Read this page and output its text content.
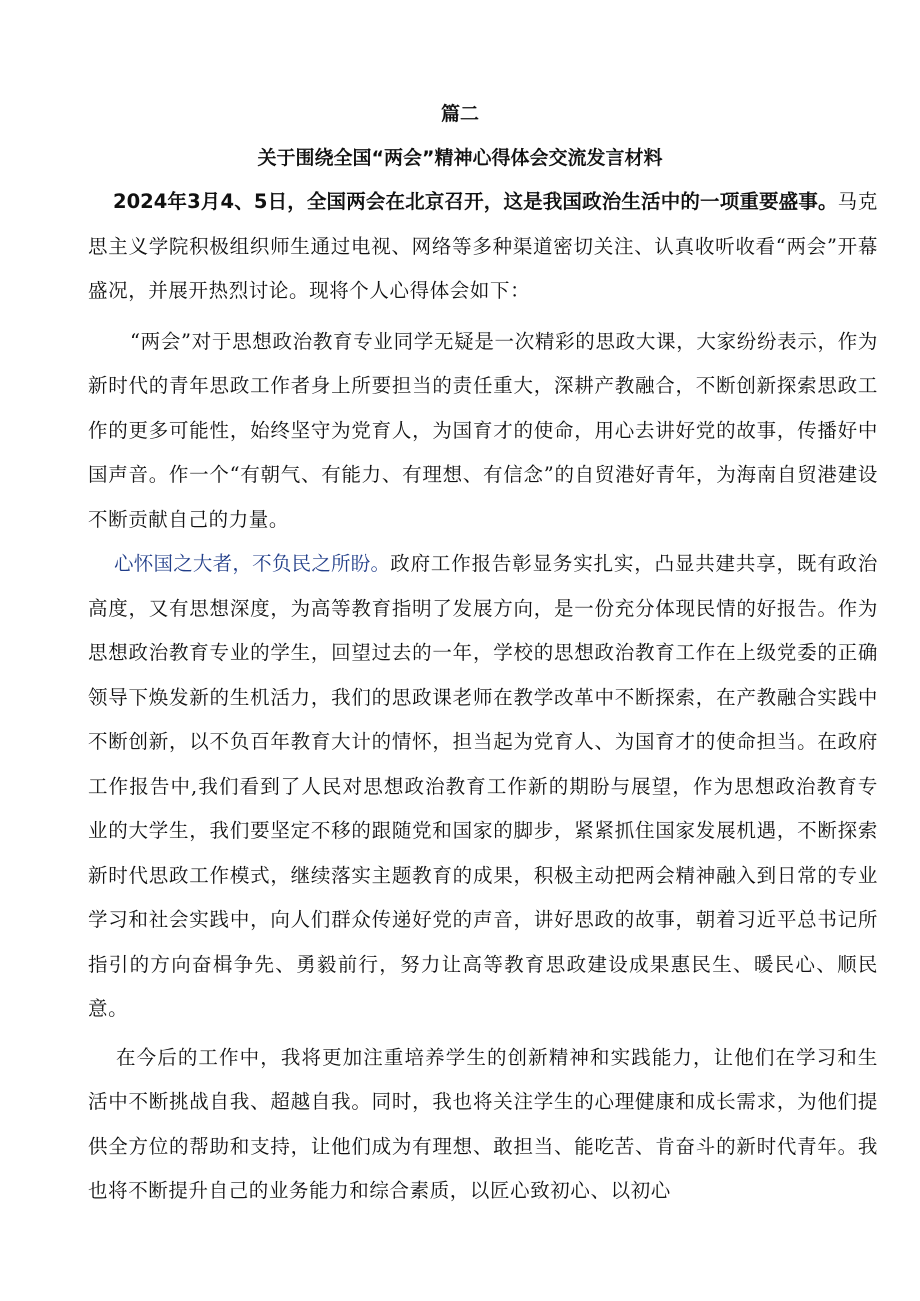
篇二
关于围绕全国“两会”精神心得体会交流发言材料

2024年3月4、5日，全国两会在北京召开，这是我国政治生活中的一项重要盛事。马克思主义学院积极组织师生通过电视、网络等多种渠道密切关注、认真收听收看“两会”开幕盛况，并展开热烈讨论。现将个人心得体会如下：

“两会”对于思想政治教育专业同学无疑是一次精彩的思政大课，大家纷纷表示，作为新时代的青年思政工作者身上所要担当的责任重大，深耕产教融合，不断创新探索思政工作的更多可能性，始终坚守为党育人，为国育才的使命，用心去讲好党的故事，传播好中国声音。作一个“有朝气、有能力、有理想、有信念”的自贸港好青年，为海南自贸港建设不断贡献自己的力量。

心怀国之大者，不负民之所盼。政府工作报告彰显务实扎实，凸显共建共享，既有政治高度，又有思想深度，为高等教育指明了发展方向，是一份充分体现民情的好报告。作为思想政治教育专业的学生，回望过去的一年，学校的思想政治教育工作在上级党委的正确领导下焕发新的生机活力，我们的思政课老师在教学改革中不断探索，在产教融合实践中不断创新，以不负百年教育大计的情怀，担当起为党育人、为国育才的使命担当。在政府工作报告中,我们看到了人民对思想政治教育工作新的期盼与展望，作为思想政治教育专业的大学生，我们要坚定不移的跟随党和国家的脚步，紧紧抓住国家发展机遇，不断探索新时代思政工作模式，继续落实主题教育的成果，积极主动把两会精神融入到日常的专业学习和社会实践中，向人们群众传递好党的声音，讲好思政的故事，朝着习近平总书记所指引的方向奋楫争先、勇毅前行，努力让高等教育思政建设成果惠民生、暖民心、顺民意。

在今后的工作中，我将更加注重培养学生的创新精神和实践能力，让他们在学习和生活中不断挑战自我、超越自我。同时，我也将关注学生的心理健康和成长需求，为他们提供全方位的帮助和支持，让他们成为有理想、敢担当、能吃苦、肯奋斗的新时代青年。我也将不断提升自己的业务能力和综合素质，以匠心致初心、以初心
